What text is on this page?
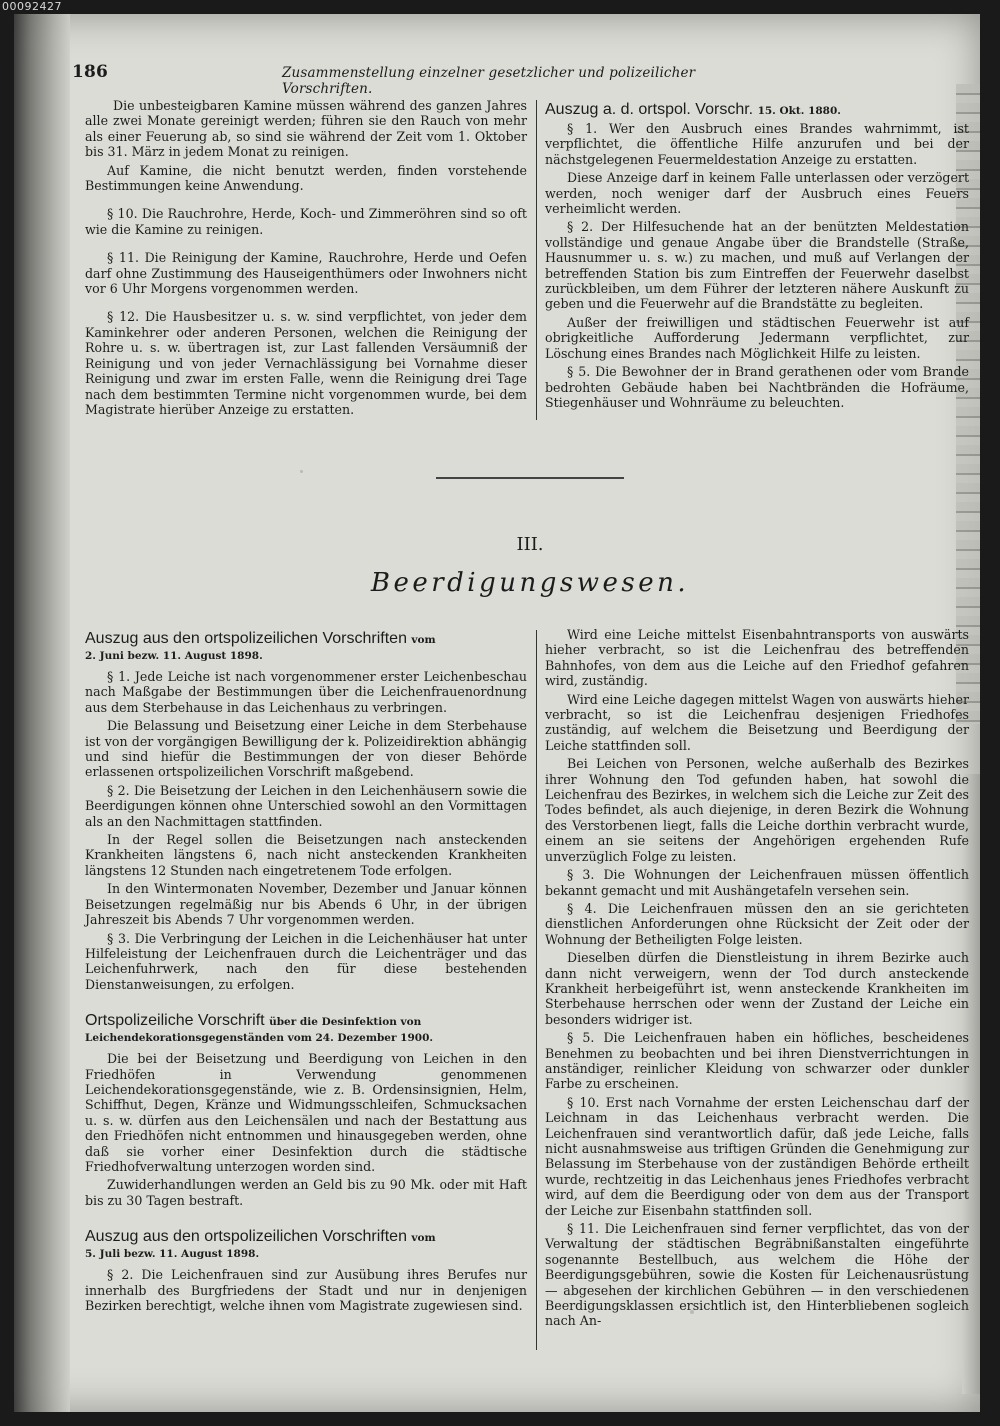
00092427
186	Zusammenstellung einzelner gesetzlicher und polizeilicher Vorschriften.

Die unbesteigbaren Kamine müssen während des ganzen Jahres alle zwei Monate gereinigt werden; führen sie den Rauch von mehr als einer Feuerung ab, so sind sie während der Zeit vom 1. Oktober bis 31. März in jedem Monat zu reinigen.

Auf Kamine, die nicht benutzt werden, finden vorstehende Bestimmungen keine Anwendung.

§ 10. Die Rauchrohre, Herde, Koch- und Zimmeröhren sind so oft wie die Kamine zu reinigen.

§ 11. Die Reinigung der Kamine, Rauchrohre, Herde und Oefen darf ohne Zustimmung des Hauseigenthümers oder Inwohners nicht vor 6 Uhr Morgens vorgenommen werden.

§ 12. Die Hausbesitzer u. s. w. sind verpflichtet, von jeder dem Kaminkehrer oder anderen Personen, welchen die Reinigung der Rohre u. s. w. übertragen ist, zur Last fallenden Versäumniß der Reinigung und von jeder Vernachlässigung bei Vornahme dieser Reinigung und zwar im ersten Falle, wenn die Reinigung drei Tage nach dem bestimmten Termine nicht vorgenommen wurde, bei dem Magistrate hierüber Anzeige zu erstatten.

Auszug a. d. ortspol. Vorschr. 15. Okt. 1880.

§ 1. Wer den Ausbruch eines Brandes wahrnimmt, ist verpflichtet, die öffentliche Hilfe anzurufen und bei der nächstgelegenen Feuermeldestation Anzeige zu erstatten.

Diese Anzeige darf in keinem Falle unterlassen oder verzögert werden, noch weniger darf der Ausbruch eines Feuers verheimlicht werden.

§ 2. Der Hilfesuchende hat an der benützten Meldestation vollständige und genaue Angabe über die Brandstelle (Straße, Hausnummer u. s. w.) zu machen, und muß auf Verlangen der betreffenden Station bis zum Eintreffen der Feuerwehr daselbst zurückbleiben, um dem Führer der letzteren nähere Auskunft zu geben und die Feuerwehr auf die Brandstätte zu begleiten.

Außer der freiwilligen und städtischen Feuerwehr ist auf obrigkeitliche Aufforderung Jedermann verpflichtet, zur Löschung eines Brandes nach Möglichkeit Hilfe zu leisten.

§ 5. Die Bewohner der in Brand gerathenen oder vom Brande bedrohten Gebäude haben bei Nachtbränden die Hofräume, Stiegenhäuser und Wohnräume zu beleuchten.

III.
Beerdigungswesen.
Auszug aus den ortspolizeilichen Vorschriften vom

2. Juni bezw. 11. August 1898.

§ 1. Jede Leiche ist nach vorgenommener erster Leichenbeschau nach Maßgabe der Bestimmungen über die Leichenfrauenordnung aus dem Sterbehause in das Leichenhaus zu verbringen.

Die Belassung und Beisetzung einer Leiche in dem Sterbehause ist von der vorgängigen Bewilligung der k. Polizeidirektion abhängig und sind hiefür die Bestimmungen der von dieser Behörde erlassenen ortspolizeilichen Vorschrift maßgebend.

§ 2. Die Beisetzung der Leichen in den Leichenhäusern sowie die Beerdigungen können ohne Unterschied sowohl an den Vormittagen als an den Nachmittagen stattfinden.

In der Regel sollen die Beisetzungen nach ansteckenden Krankheiten längstens 6, nach nicht ansteckenden Krankheiten längstens 12 Stunden nach eingetretenem Tode erfolgen.

In den Wintermonaten November, Dezember und Januar können Beisetzungen regelmäßig nur bis Abends 6 Uhr, in der übrigen Jahreszeit bis Abends 7 Uhr vorgenommen werden.

§ 3. Die Verbringung der Leichen in die Leichenhäuser hat unter Hilfeleistung der Leichenfrauen durch die Leichenträger und das Leichenfuhrwerk, nach den für diese bestehenden Dienstanweisungen, zu erfolgen.

Ortspolizeiliche Vorschrift über die Desinfektion von

Leichendekorationsgegenständen vom 24. Dezember 1900.

Die bei der Beisetzung und Beerdigung von Leichen in den Friedhöfen in Verwendung genommenen Leichendekorationsgegenstände, wie z. B. Ordensinsignien, Helm, Schiffhut, Degen, Kränze und Widmungsschleifen, Schmucksachen u. s. w. dürfen aus den Leichensälen und nach der Bestattung aus den Friedhöfen nicht entnommen und hinausgegeben werden, ohne daß sie vorher einer Desinfektion durch die städtische Friedhofverwaltung unterzogen worden sind.

Zuwiderhandlungen werden an Geld bis zu 90 Mk. oder mit Haft bis zu 30 Tagen bestraft.

Auszug aus den ortspolizeilichen Vorschriften vom

5. Juli bezw. 11. August 1898.

§ 2. Die Leichenfrauen sind zur Ausübung ihres Berufes nur innerhalb des Burgfriedens der Stadt und nur in denjenigen Bezirken berechtigt, welche ihnen vom Magistrate zugewiesen sind.

Wird eine Leiche mittelst Eisenbahntransports von auswärts hieher verbracht, so ist die Leichenfrau des betreffenden Bahnhofes, von dem aus die Leiche auf den Friedhof gefahren wird, zuständig.

Wird eine Leiche dagegen mittelst Wagen von auswärts hieher verbracht, so ist die Leichenfrau desjenigen Friedhofes zuständig, auf welchem die Beisetzung und Beerdigung der Leiche stattfinden soll.

Bei Leichen von Personen, welche außerhalb des Bezirkes ihrer Wohnung den Tod gefunden haben, hat sowohl die Leichenfrau des Bezirkes, in welchem sich die Leiche zur Zeit des Todes befindet, als auch diejenige, in deren Bezirk die Wohnung des Verstorbenen liegt, falls die Leiche dorthin verbracht wurde, einem an sie seitens der Angehörigen ergehenden Rufe unverzüglich Folge zu leisten.

§ 3. Die Wohnungen der Leichenfrauen müssen öffentlich bekannt gemacht und mit Aushängetafeln versehen sein.

§ 4. Die Leichenfrauen müssen den an sie gerichteten dienstlichen Anforderungen ohne Rücksicht der Zeit oder der Wohnung der Betheiligten Folge leisten.

Dieselben dürfen die Dienstleistung in ihrem Bezirke auch dann nicht verweigern, wenn der Tod durch ansteckende Krankheit herbeigeführt ist, wenn ansteckende Krankheiten im Sterbehause herrschen oder wenn der Zustand der Leiche ein besonders widriger ist.

§ 5. Die Leichenfrauen haben ein höfliches, bescheidenes Benehmen zu beobachten und bei ihren Dienstverrichtungen in anständiger, reinlicher Kleidung von schwarzer oder dunkler Farbe zu erscheinen.

§ 10. Erst nach Vornahme der ersten Leichenschau darf der Leichnam in das Leichenhaus verbracht werden. Die Leichenfrauen sind verantwortlich dafür, daß jede Leiche, falls nicht ausnahmsweise aus triftigen Gründen die Genehmigung zur Belassung im Sterbehause von der zuständigen Behörde ertheilt wurde, rechtzeitig in das Leichenhaus jenes Friedhofes verbracht wird, auf dem die Beerdigung oder von dem aus der Transport der Leiche zur Eisenbahn stattfinden soll.

§ 11. Die Leichenfrauen sind ferner verpflichtet, das von der Verwaltung der städtischen Begräbnißanstalten eingeführte sogenannte Bestellbuch, aus welchem die Höhe der Beerdigungsgebühren, sowie die Kosten für Leichenausrüstung — abgesehen der kirchlichen Gebühren — in den verschiedenen Beerdigungsklassen ersichtlich ist, den Hinterbliebenen sogleich nach An-
